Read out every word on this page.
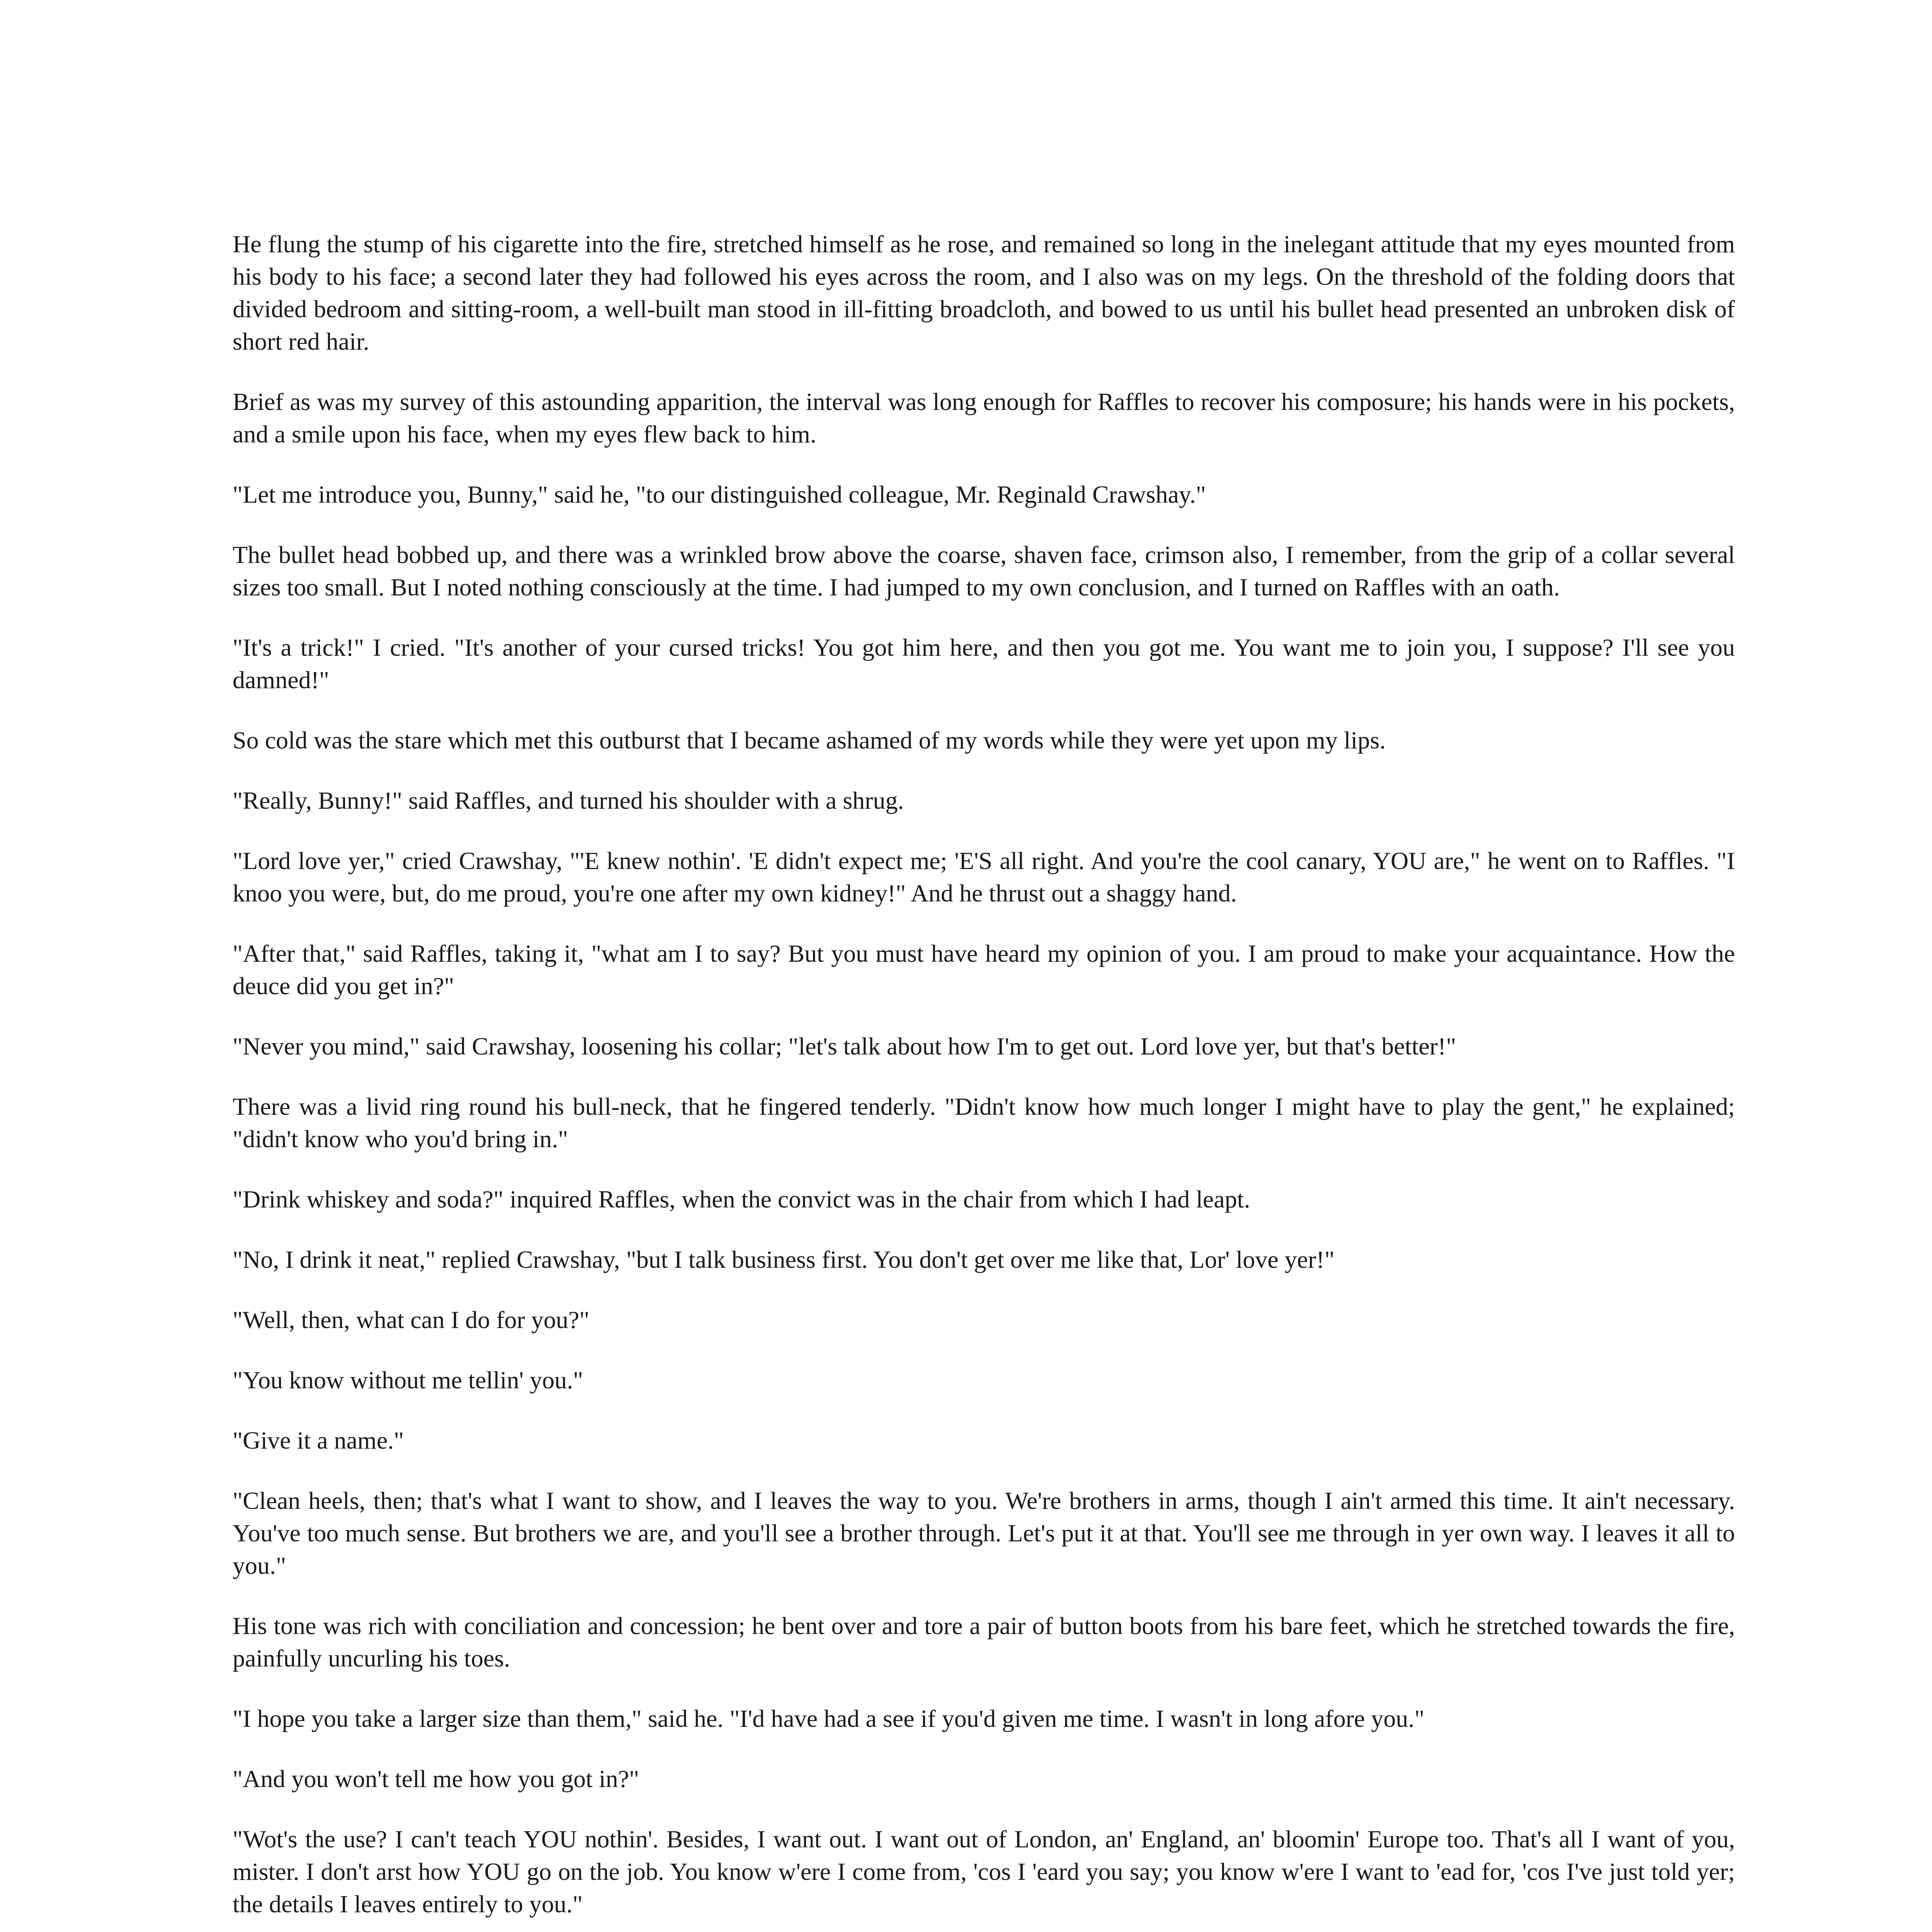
He flung the stump of his cigarette into the fire, stretched himself as he rose, and remained so long in the inelegant attitude that my eyes mounted from his body to his face; a second later they had followed his eyes across the room, and I also was on my legs. On the threshold of the folding doors that divided bedroom and sitting-room, a well-built man stood in ill-fitting broadcloth, and bowed to us until his bullet head presented an unbroken disk of short red hair.

Brief as was my survey of this astounding apparition, the interval was long enough for Raffles to recover his composure; his hands were in his pockets, and a smile upon his face, when my eyes flew back to him.

"Let me introduce you, Bunny," said he, "to our distinguished colleague, Mr. Reginald Crawshay."

The bullet head bobbed up, and there was a wrinkled brow above the coarse, shaven face, crimson also, I remember, from the grip of a collar several sizes too small. But I noted nothing consciously at the time. I had jumped to my own conclusion, and I turned on Raffles with an oath.

"It's a trick!" I cried. "It's another of your cursed tricks! You got him here, and then you got me. You want me to join you, I suppose? I'll see you damned!"

So cold was the stare which met this outburst that I became ashamed of my words while they were yet upon my lips.

"Really, Bunny!" said Raffles, and turned his shoulder with a shrug.

"Lord love yer," cried Crawshay, "'E knew nothin'. 'E didn't expect me; 'E'S all right. And you're the cool canary, YOU are," he went on to Raffles. "I knoo you were, but, do me proud, you're one after my own kidney!" And he thrust out a shaggy hand.

"After that," said Raffles, taking it, "what am I to say? But you must have heard my opinion of you. I am proud to make your acquaintance. How the deuce did you get in?"

"Never you mind," said Crawshay, loosening his collar; "let's talk about how I'm to get out. Lord love yer, but that's better!"

There was a livid ring round his bull-neck, that he fingered tenderly. "Didn't know how much longer I might have to play the gent," he explained; "didn't know who you'd bring in."

"Drink whiskey and soda?" inquired Raffles, when the convict was in the chair from which I had leapt.

"No, I drink it neat," replied Crawshay, "but I talk business first. You don't get over me like that, Lor' love yer!"

"Well, then, what can I do for you?"

"You know without me tellin' you."

"Give it a name."

"Clean heels, then; that's what I want to show, and I leaves the way to you. We're brothers in arms, though I ain't armed this time. It ain't necessary. You've too much sense. But brothers we are, and you'll see a brother through. Let's put it at that. You'll see me through in yer own way. I leaves it all to you."

His tone was rich with conciliation and concession; he bent over and tore a pair of button boots from his bare feet, which he stretched towards the fire, painfully uncurling his toes.

"I hope you take a larger size than them," said he. "I'd have had a see if you'd given me time. I wasn't in long afore you."

"And you won't tell me how you got in?"

"Wot's the use? I can't teach YOU nothin'. Besides, I want out. I want out of London, an' England, an' bloomin' Europe too. That's all I want of you, mister. I don't arst how YOU go on the job. You know w'ere I come from, 'cos I 'eard you say; you know w'ere I want to 'ead for, 'cos I've just told yer; the details I leaves entirely to you."
